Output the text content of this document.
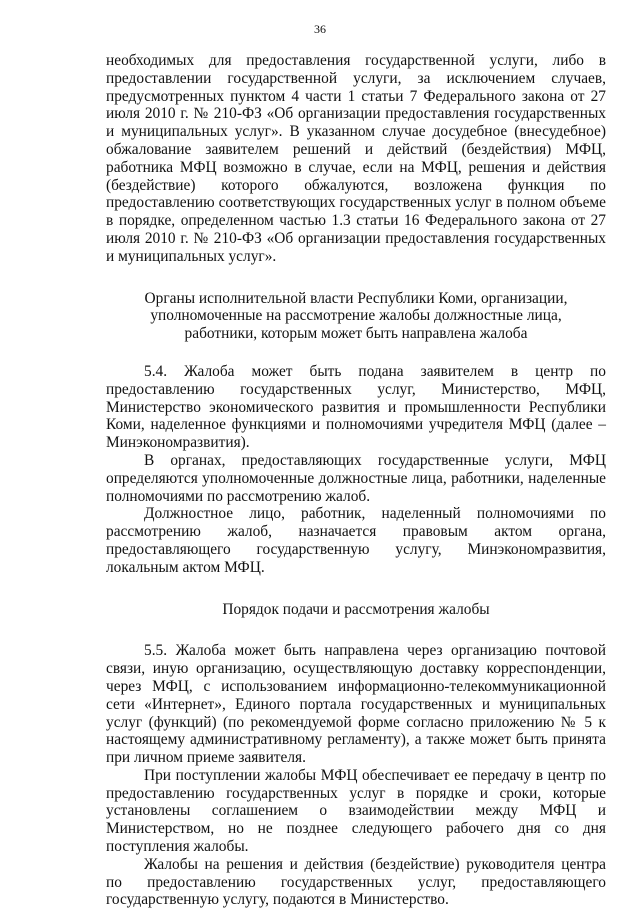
36

необходимых для предоставления государственной услуги, либо в предоставлении государственной услуги, за исключением случаев, предусмотренных пунктом 4 части 1 статьи 7 Федерального закона от 27 июля 2010 г. № 210-ФЗ «Об организации предоставления государственных и муниципальных услуг». В указанном случае досудебное (внесудебное) обжалование заявителем решений и действий (бездействия) МФЦ, работника МФЦ возможно в случае, если на МФЦ, решения и действия (бездействие) которого обжалуются, возложена функция по предоставлению соответствующих государственных услуг в полном объеме в порядке, определенном частью 1.3 статьи 16 Федерального закона от 27 июля 2010 г. № 210-ФЗ «Об организации предоставления государственных и муниципальных услуг».

Органы исполнительной власти Республики Коми, организации,
уполномоченные на рассмотрение жалобы должностные лица,
работники, которым может быть направлена жалоба

5.4. Жалоба может быть подана заявителем в центр по предоставлению государственных услуг, Министерство, МФЦ, Министерство экономического развития и промышленности Республики Коми, наделенное функциями и полномочиями учредителя МФЦ (далее – Минэкономразвития).

В органах, предоставляющих государственные услуги, МФЦ определяются уполномоченные должностные лица, работники, наделенные полномочиями по рассмотрению жалоб.

Должностное лицо, работник, наделенный полномочиями по рассмотрению жалоб, назначается правовым актом органа, предоставляющего государственную услугу, Минэкономразвития, локальным актом МФЦ.

Порядок подачи и рассмотрения жалобы

5.5. Жалоба может быть направлена через организацию почтовой связи, иную организацию, осуществляющую доставку корреспонденции, через МФЦ, с использованием информационно-телекоммуникационной сети «Интернет», Единого портала государственных и муниципальных услуг (функций) (по рекомендуемой форме согласно приложению № 5 к настоящему административному регламенту), а также может быть принята при личном приеме заявителя.

При поступлении жалобы МФЦ обеспечивает ее передачу в центр по предоставлению государственных услуг в порядке и сроки, которые установлены соглашением о взаимодействии между МФЦ и Министерством, но не позднее следующего рабочего дня со дня поступления жалобы.

Жалобы на решения и действия (бездействие) руководителя центра по предоставлению государственных услуг, предоставляющего государственную услугу, подаются в Министерство.
